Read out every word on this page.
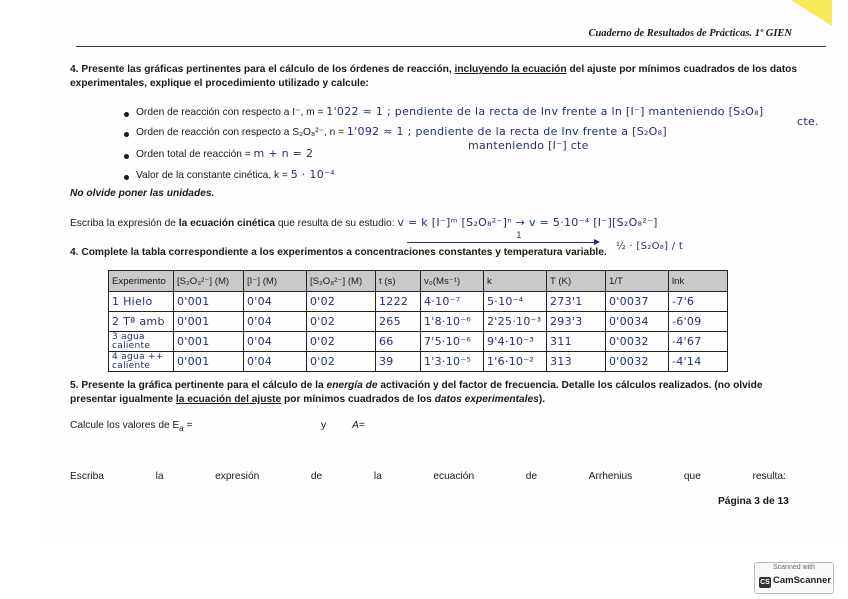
Cuaderno de Resultados de Prácticas. 1º GIEN
4. Presente las gráficas pertinentes para el cálculo de los órdenes de reacción, incluyendo la ecuación del ajuste por mínimos cuadrados de los datos experimentales, explique el procedimiento utilizado y calcule:
Orden de reacción con respecto a I⁻, m = 1'022 ≈ 1 ; pendiente de la recta de lnv frente a ln [I⁻] manteniendo [S₂O₈]
cte.
Orden de reacción con respecto a S₂O₈²⁻, n = 1'092 ≈ 1 ; pendiente de la recta de lnv frente a [S₂O₈]
manteniendo [I⁻] cte
Orden total de reacción = m + n = 2
Valor de la constante cinética, k = 5 · 10⁻⁴
No olvide poner las unidades.
Escriba la expresión de la ecuación cinética que resulta de su estudio: v = k [I⁻]ᵐ [S₂O₈²⁻]ⁿ → v = 5·10⁻⁴ [I⁻][S₂O₈²⁻]
1
½ · [S₂O₈] / t
4. Complete la tabla correspondiente a los experimentos a concentraciones constantes y temperatura variable.
Experimento	[S₂O₃²⁻] (M)	[I⁻] (M)	[S₂O₈²⁻] (M)	t (s)	v₀(Ms⁻¹)	k	T (K)	1/T	lnk
1 Hielo	0'001	0'04	0'02	1222	4·10⁻⁷	5·10⁻⁴	273'1	0'0037	-7'6
2 Tª amb	0'001	0'04	0'02	265	1'8·10⁻⁶	2'25·10⁻³	293'3	0'0034	-6'09
3 agua caliente	0'001	0'04	0'02	66	7'5·10⁻⁶	9'4·10⁻³	311	0'0032	-4'67
4 agua ++ caliente	0'001	0'04	0'02	39	1'3·10⁻⁵	1'6·10⁻²	313	0'0032	-4'14
5. Presente la gráfica pertinente para el cálculo de la energía de activación y del factor de frecuencia. Detalle los cálculos realizados. (no olvide presentar igualmente la ecuación del ajuste por mínimos cuadrados de los datos experimentales).
Calcule los valores de $E_a$ =	y	A=
Escriba	la	expresión	de	la	ecuación	de	Arrhenius	que	resulta:
Página 3 de 13
Scanned with
CS CamScanner
